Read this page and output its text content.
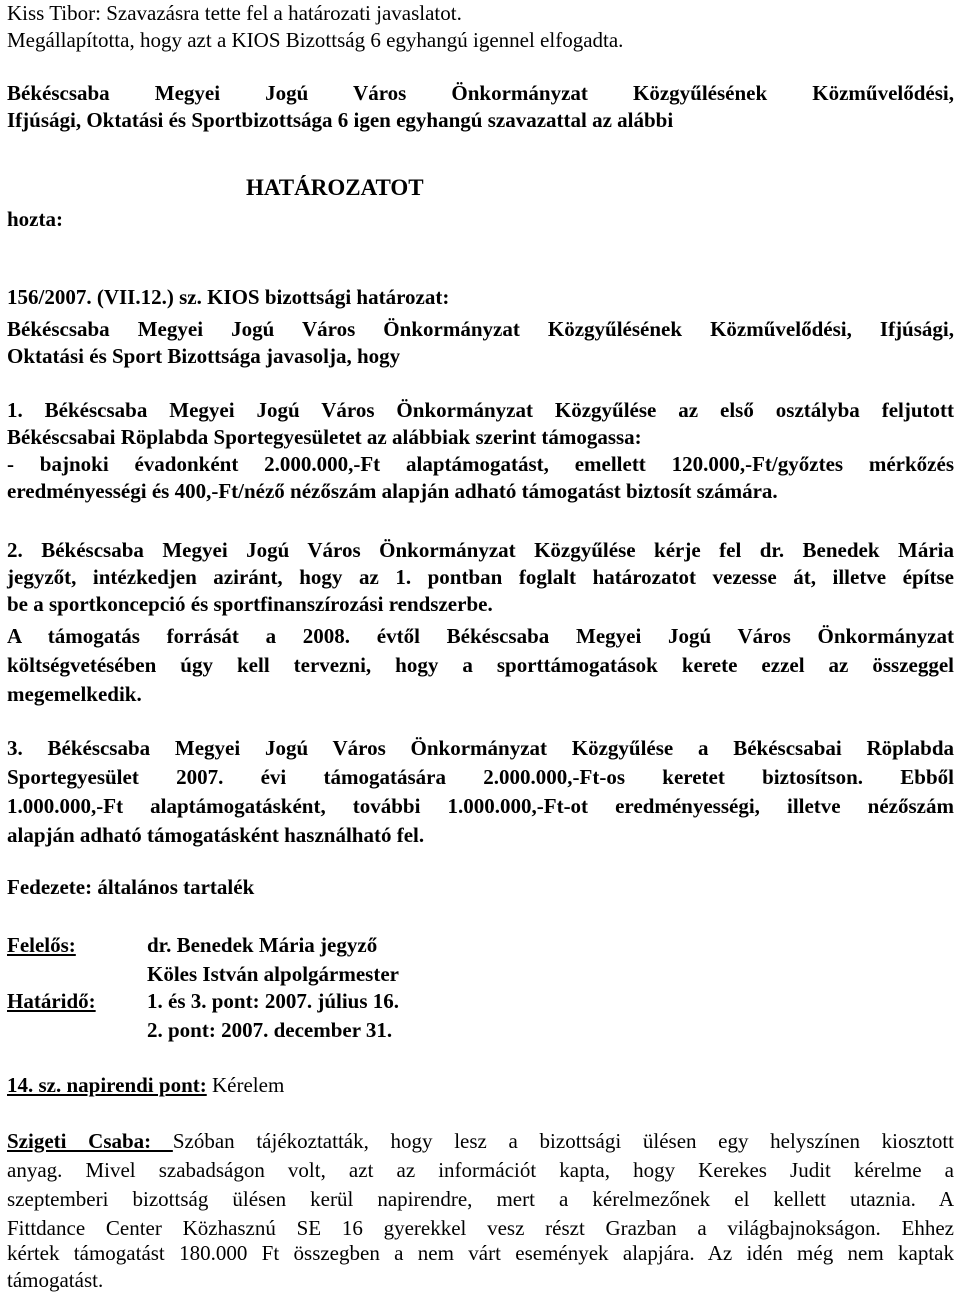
Kiss Tibor: Szavazásra tette fel a határozati javaslatot.
Megállapította, hogy azt a KIOS Bizottság 6 egyhangú igennel elfogadta.
Békéscsaba Megyei Jogú Város Önkormányzat Közgyűlésének Közművelődési,
Ifjúsági, Oktatási és Sportbizottsága 6 igen egyhangú szavazattal az alábbi
HATÁROZATOT
hozta:
156/2007. (VII.12.) sz. KIOS bizottsági határozat:
Békéscsaba Megyei Jogú Város Önkormányzat Közgyűlésének Közművelődési, Ifjúsági,
Oktatási és Sport Bizottsága javasolja, hogy
1. Békéscsaba Megyei Jogú Város Önkormányzat Közgyűlése az első osztályba feljutott
Békéscsabai Röplabda Sportegyesületet az alábbiak szerint támogassa:
- bajnoki évadonként 2.000.000,-Ft alaptámogatást, emellett 120.000,-Ft/győztes mérkőzés
eredményességi és 400,-Ft/néző nézőszám alapján adható támogatást biztosít számára.
2. Békéscsaba Megyei Jogú Város Önkormányzat Közgyűlése kérje fel dr. Benedek Mária
jegyzőt, intézkedjen aziránt, hogy az 1. pontban foglalt határozatot vezesse át, illetve építse
be a sportkoncepció és sportfinanszírozási rendszerbe.
A támogatás forrását a 2008. évtől Békéscsaba Megyei Jogú Város Önkormányzat
költségvetésében úgy kell tervezni, hogy a sporttámogatások kerete ezzel az összeggel
megemelkedik.
3. Békéscsaba Megyei Jogú Város Önkormányzat Közgyűlése a Békéscsabai Röplabda
Sportegyesület 2007. évi támogatására 2.000.000,-Ft-os keretet biztosítson. Ebből
1.000.000,-Ft alaptámogatásként, további 1.000.000,-Ft-ot eredményességi, illetve nézőszám
alapján adható támogatásként használható fel.
Fedezete: általános tartalék
Felelős:	dr. Benedek Mária jegyző
Köles István alpolgármester
Határidő: 1. és 3. pont: 2007. július 16.
2. pont: 2007. december 31.
14. sz. napirendi pont: Kérelem
Szigeti Csaba: Szóban tájékoztatták, hogy lesz a bizottsági ülésen egy helyszínen kiosztott
anyag. Mivel szabadságon volt, azt az információt kapta, hogy Kerekes Judit kérelme a
szeptemberi bizottság ülésen kerül napirendre, mert a kérelmezőnek el kellett utaznia. A
Fittdance Center Közhasznú SE 16 gyerekkel vesz részt Grazban a világbajnokságon. Ehhez
kértek támogatást 180.000 Ft összegben a nem várt események alapjára. Az idén még nem kaptak
támogatást.
